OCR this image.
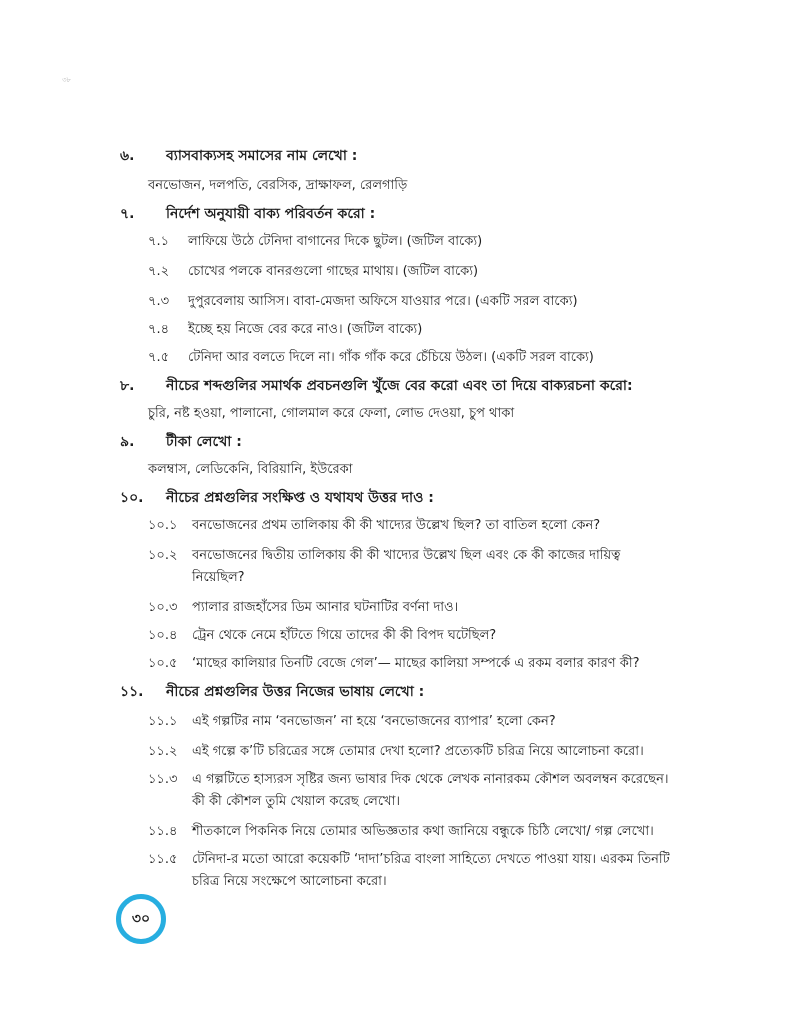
৩৮
৬. ব্যাসবাক্যসহ সমাসের নাম লেখো :
বনভোজন, দলপতি, বেরসিক, দ্রাক্ষাফল, রেলগাড়ি
৭. নির্দেশ অনুযায়ী বাক্য পরিবর্তন করো :
৭.১ লাফিয়ে উঠে টেনিদা বাগানের দিকে ছুটল। (জটিল বাক্যে)
৭.২ চোখের পলকে বানরগুলো গাছের মাথায়। (জটিল বাক্যে)
৭.৩ দুপুরবেলায় আসিস। বাবা-মেজদা অফিসে যাওয়ার পরে। (একটি সরল বাক্যে)
৭.৪ ইচ্ছে হয় নিজে বের করে নাও। (জটিল বাক্যে)
৭.৫ টেনিদা আর বলতে দিলে না। গাঁক গাঁক করে চেঁচিয়ে উঠল। (একটি সরল বাক্যে)
৮. নীচের শব্দগুলির সমার্থক প্রবচনগুলি খুঁজে বের করো এবং তা দিয়ে বাক্যরচনা করো:
চুরি, নষ্ট হওয়া, পালানো, গোলমাল করে ফেলা, লোভ দেওয়া, চুপ থাকা
৯. টীকা লেখো :
কলম্বাস, লেডিকেনি, বিরিয়ানি, ইউরেকা
১০. নীচের প্রশ্নগুলির সংক্ষিপ্ত ও যথাযথ উত্তর দাও :
১০.১ বনভোজনের প্রথম তালিকায় কী কী খাদ্যের উল্লেখ ছিল? তা বাতিল হলো কেন?
১০.২ বনভোজনের দ্বিতীয় তালিকায় কী কী খাদ্যের উল্লেখ ছিল এবং কে কী কাজের দায়িত্ব
নিয়েছিল?
১০.৩ প্যালার রাজহাঁসের ডিম আনার ঘটনাটির বর্ণনা দাও।
১০.৪ ট্রেন থেকে নেমে হাঁটতে গিয়ে তাদের কী কী বিপদ ঘটেছিল?
১০.৫ ‘মাছের কালিয়ার তিনটি বেজে গেল’— মাছের কালিয়া সম্পর্কে এ রকম বলার কারণ কী?
১১. নীচের প্রশ্নগুলির উত্তর নিজের ভাষায় লেখো :
১১.১ এই গল্পটির নাম ‘বনভোজন’ না হয়ে ‘বনভোজনের ব্যাপার’ হলো কেন?
১১.২ এই গল্পে ক’টি চরিত্রের সঙ্গে তোমার দেখা হলো? প্রত্যেকটি চরিত্র নিয়ে আলোচনা করো।
১১.৩ এ গল্পটিতে হাস্যরস সৃষ্টির জন্য ভাষার দিক থেকে লেখক নানারকম কৌশল অবলম্বন করেছেন।
কী কী কৌশল তুমি খেয়াল করেছ লেখো।
১১.৪ শীতকালে পিকনিক নিয়ে তোমার অভিজ্ঞতার কথা জানিয়ে বন্ধুকে চিঠি লেখো/ গল্প লেখো।
১১.৫ টেনিদা-র মতো আরো কয়েকটি ‘দাদা’চরিত্র বাংলা সাহিত্যে দেখতে পাওয়া যায়। এরকম তিনটি
চরিত্র নিয়ে সংক্ষেপে আলোচনা করো।
৩০
